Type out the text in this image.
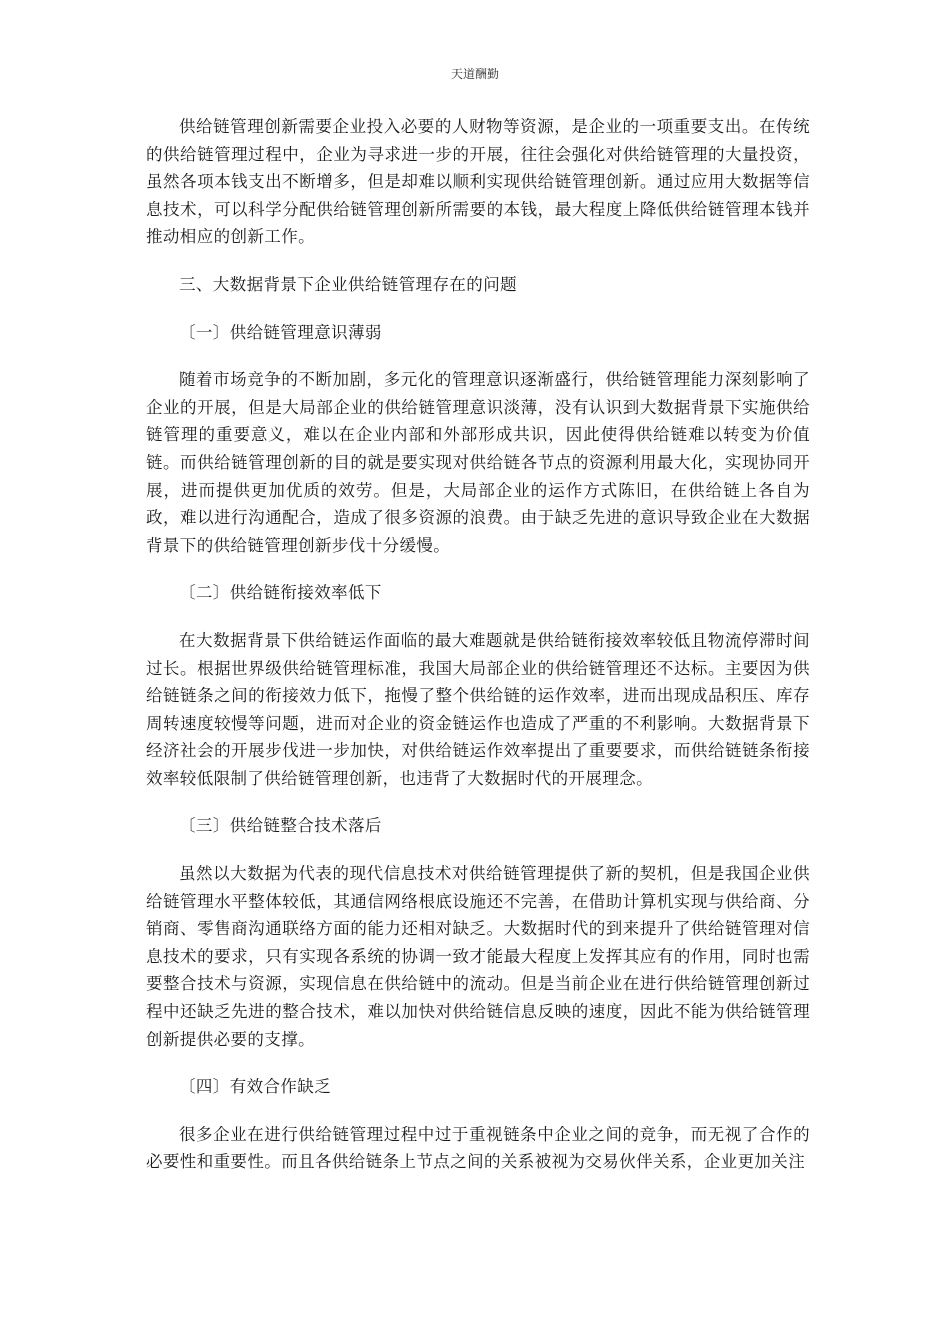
天道酬勤

供给链管理创新需要企业投入必要的人财物等资源，是企业的一项重要支出。在传统的供给链管理过程中，企业为寻求进一步的开展，往往会强化对供给链管理的大量投资，虽然各项本钱支出不断增多，但是却难以顺利实现供给链管理创新。通过应用大数据等信息技术，可以科学分配供给链管理创新所需要的本钱，最大程度上降低供给链管理本钱并推动相应的创新工作。

三、大数据背景下企业供给链管理存在的问题

〔一〕供给链管理意识薄弱

随着市场竞争的不断加剧，多元化的管理意识逐渐盛行，供给链管理能力深刻影响了企业的开展，但是大局部企业的供给链管理意识淡薄，没有认识到大数据背景下实施供给链管理的重要意义，难以在企业内部和外部形成共识，因此使得供给链难以转变为价值链。而供给链管理创新的目的就是要实现对供给链各节点的资源利用最大化，实现协同开展，进而提供更加优质的效劳。但是，大局部企业的运作方式陈旧，在供给链上各自为政，难以进行沟通配合，造成了很多资源的浪费。由于缺乏先进的意识导致企业在大数据背景下的供给链管理创新步伐十分缓慢。

〔二〕供给链衔接效率低下

在大数据背景下供给链运作面临的最大难题就是供给链衔接效率较低且物流停滞时间过长。根据世界级供给链管理标准，我国大局部企业的供给链管理还不达标。主要因为供给链链条之间的衔接效力低下，拖慢了整个供给链的运作效率，进而出现成品积压、库存周转速度较慢等问题，进而对企业的资金链运作也造成了严重的不利影响。大数据背景下经济社会的开展步伐进一步加快，对供给链运作效率提出了重要要求，而供给链链条衔接效率较低限制了供给链管理创新，也违背了大数据时代的开展理念。

〔三〕供给链整合技术落后

虽然以大数据为代表的现代信息技术对供给链管理提供了新的契机，但是我国企业供给链管理水平整体较低，其通信网络根底设施还不完善，在借助计算机实现与供给商、分销商、零售商沟通联络方面的能力还相对缺乏。大数据时代的到来提升了供给链管理对信息技术的要求，只有实现各系统的协调一致才能最大程度上发挥其应有的作用，同时也需要整合技术与资源，实现信息在供给链中的流动。但是当前企业在进行供给链管理创新过程中还缺乏先进的整合技术，难以加快对供给链信息反映的速度，因此不能为供给链管理创新提供必要的支撑。

〔四〕有效合作缺乏

很多企业在进行供给链管理过程中过于重视链条中企业之间的竞争，而无视了合作的必要性和重要性。而且各供给链条上节点之间的关系被视为交易伙伴关系，企业更加关注
